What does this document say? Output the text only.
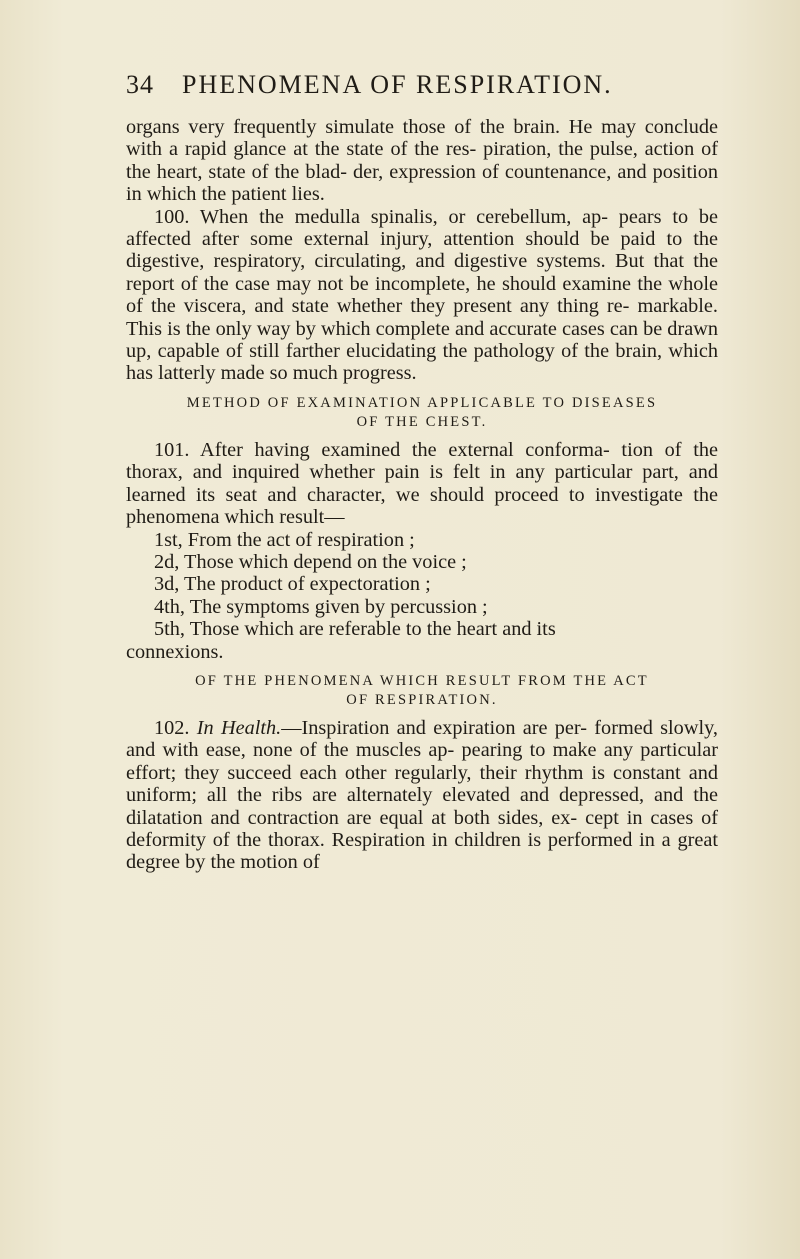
34 PHENOMENA OF RESPIRATION.

organs very frequently simulate those of the brain. He may conclude with a rapid glance at the state of the res- piration, the pulse, action of the heart, state of the blad- der, expression of countenance, and position in which the patient lies.

100. When the medulla spinalis, or cerebellum, ap- pears to be affected after some external injury, attention should be paid to the digestive, respiratory, circulating, and digestive systems. But that the report of the case may not be incomplete, he should examine the whole of the viscera, and state whether they present any thing re- markable. This is the only way by which complete and accurate cases can be drawn up, capable of still farther elucidating the pathology of the brain, which has latterly made so much progress.

METHOD OF EXAMINATION APPLICABLE TO DISEASES
OF THE CHEST.

101. After having examined the external conforma- tion of the thorax, and inquired whether pain is felt in any particular part, and learned its seat and character, we should proceed to investigate the phenomena which result—

1st, From the act of respiration ;
2d, Those which depend on the voice ;
3d, The product of expectoration ;
4th, The symptoms given by percussion ;
5th, Those which are referable to the heart and its
connexions.
OF THE PHENOMENA WHICH RESULT FROM THE ACT
OF RESPIRATION.

102. In Health.—Inspiration and expiration are per- formed slowly, and with ease, none of the muscles ap- pearing to make any particular effort; they succeed each other regularly, their rhythm is constant and uniform; all the ribs are alternately elevated and depressed, and the dilatation and contraction are equal at both sides, ex- cept in cases of deformity of the thorax. Respiration in children is performed in a great degree by the motion of
